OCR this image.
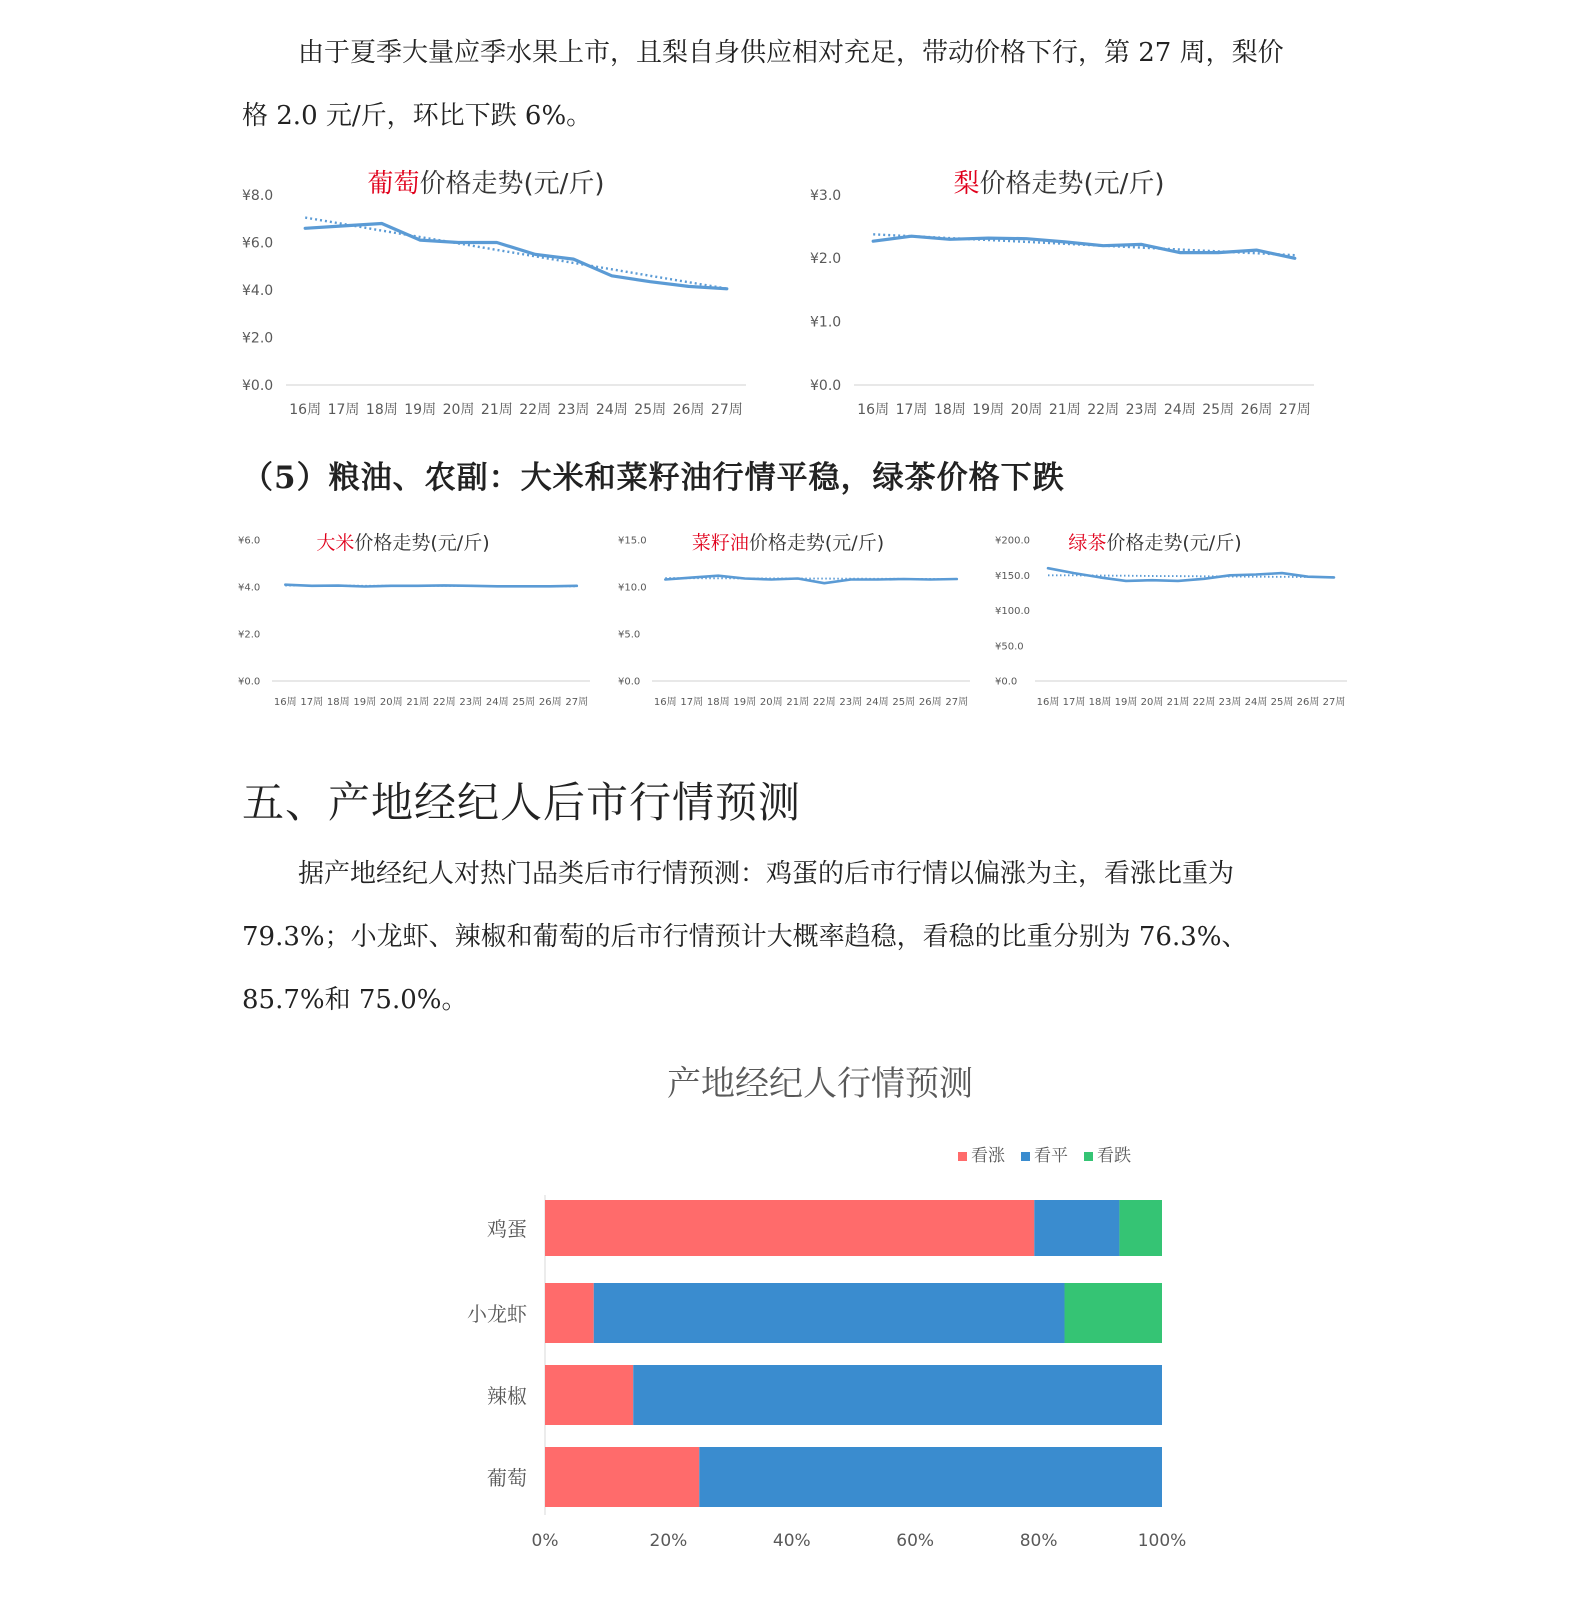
由于夏季大量应季水果上市，且梨自身供应相对充足，带动价格下行，第 27 周，梨价
格 2.0 元/斤，环比下跌 6%。

葡萄价格走势(元/斤)
¥0.0
¥2.0
¥4.0
¥6.0
¥8.0
16周 17周 18周 19周 20周 21周 22周 23周 24周 25周 26周 27周
梨价格走势(元/斤)
¥0.0
¥1.0
¥2.0
¥3.0
16周 17周 18周 19周 20周 21周 22周 23周 24周 25周 26周 27周

（5）粮油、农副：大米和菜籽油行情平稳，绿茶价格下跌

大米价格走势(元/斤)
¥0.0
¥2.0
¥4.0
¥6.0
16周 17周 18周 19周 20周 21周 22周 23周 24周 25周 26周 27周
菜籽油价格走势(元/斤)
¥0.0
¥5.0
¥10.0
¥15.0
16周 17周 18周 19周 20周 21周 22周 23周 24周 25周 26周 27周
绿茶价格走势(元/斤)
¥0.0
¥50.0
¥100.0
¥150.0
¥200.0
16周 17周 18周 19周 20周 21周 22周 23周 24周 25周 26周 27周
五、产地经纪人后市行情预测

据产地经纪人对热门品类后市行情预测：鸡蛋的后市行情以偏涨为主，看涨比重为
79.3%；小龙虾、辣椒和葡萄的后市行情预计大概率趋稳，看稳的比重分别为 76.3%、
85.7%和 75.0%。

产地经纪人行情预测
看涨 看平 看跌
鸡蛋
小龙虾
辣椒
葡萄
0%	20%	40%	60%	80%	100%
